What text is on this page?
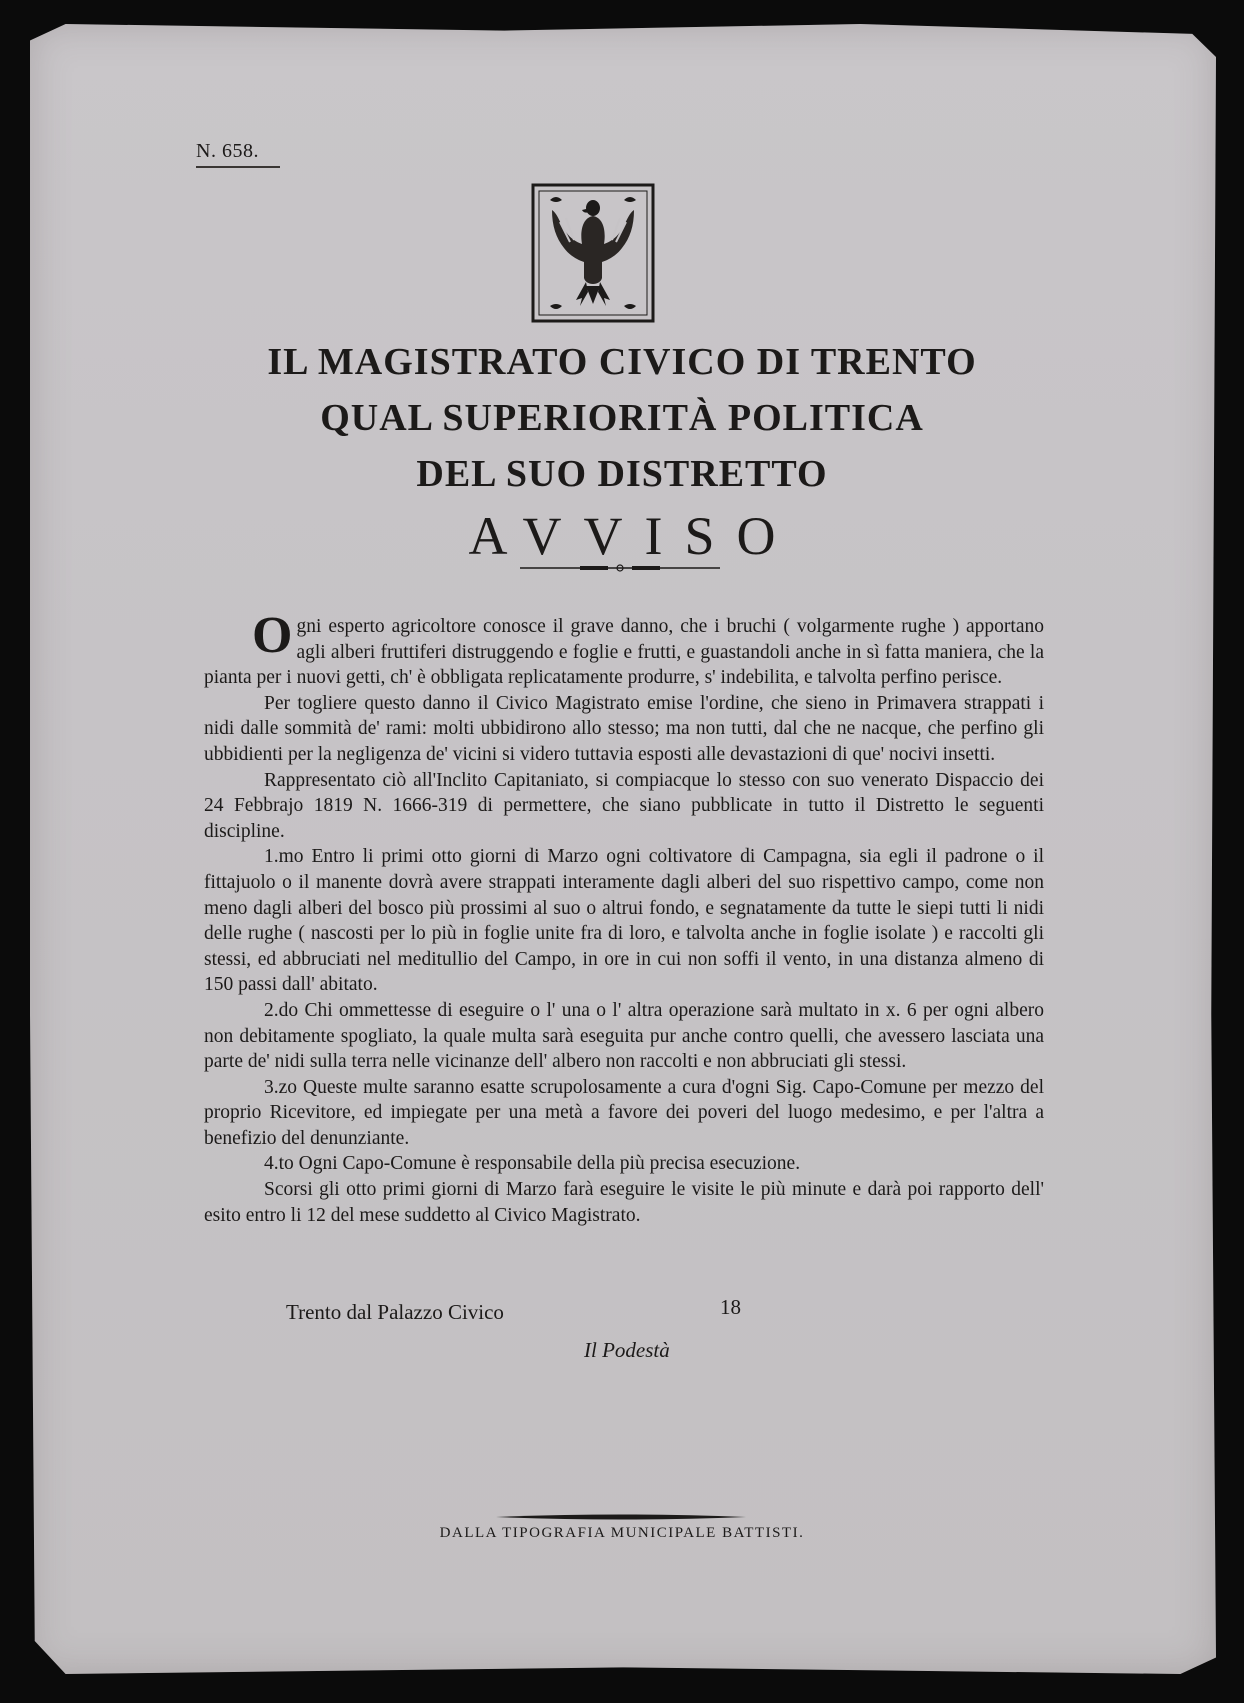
N. 658.
IL MAGISTRATO CIVICO DI TRENTO
QUAL SUPERIORITÀ POLITICA
DEL SUO DISTRETTO
AVVISO

Ogni esperto agricoltore conosce il grave danno, che i bruchi ( volgarmente rughe ) apportano agli alberi fruttiferi distruggendo e foglie e frutti, e guastandoli anche in sì fatta maniera, che la pianta per i nuovi getti, ch' è obbligata replicatamente produrre, s' indebilita, e talvolta perfino perisce.

Per togliere questo danno il Civico Magistrato emise l'ordine, che sieno in Primavera strappati i nidi dalle sommità de' rami: molti ubbidirono allo stesso; ma non tutti, dal che ne nacque, che perfino gli ubbidienti per la negligenza de' vicini si videro tuttavia esposti alle devastazioni di que' nocivi insetti.

Rappresentato ciò all'Inclito Capitaniato, si compiacque lo stesso con suo venerato Dispaccio dei 24 Febbrajo 1819 N. 1666-319 di permettere, che siano pubblicate in tutto il Distretto le seguenti discipline.

1.mo Entro li primi otto giorni di Marzo ogni coltivatore di Campagna, sia egli il padrone o il fittajuolo o il manente dovrà avere strappati interamente dagli alberi del suo rispettivo campo, come non meno dagli alberi del bosco più prossimi al suo o altrui fondo, e segnatamente da tutte le siepi tutti li nidi delle rughe ( nascosti per lo più in foglie unite fra di loro, e talvolta anche in foglie isolate ) e raccolti gli stessi, ed abbruciati nel meditullio del Campo, in ore in cui non soffi il vento, in una distanza almeno di 150 passi dall' abitato.

2.do Chi ommettesse di eseguire o l' una o l' altra operazione sarà multato in x. 6 per ogni albero non debitamente spogliato, la quale multa sarà eseguita pur anche contro quelli, che avessero lasciata una parte de' nidi sulla terra nelle vicinanze dell' albero non raccolti e non abbruciati gli stessi.

3.zo Queste multe saranno esatte scrupolosamente a cura d'ogni Sig. Capo-Comune per mezzo del proprio Ricevitore, ed impiegate per una metà a favore dei poveri del luogo medesimo, e per l'altra a benefizio del denunziante.

4.to Ogni Capo-Comune è responsabile della più precisa esecuzione.

Scorsi gli otto primi giorni di Marzo farà eseguire le visite le più minute e darà poi rapporto dell' esito entro li 12 del mese suddetto al Civico Magistrato.

Trento dal Palazzo Civico	18
Il Podestà
DALLA TIPOGRAFIA MUNICIPALE BATTISTI.
